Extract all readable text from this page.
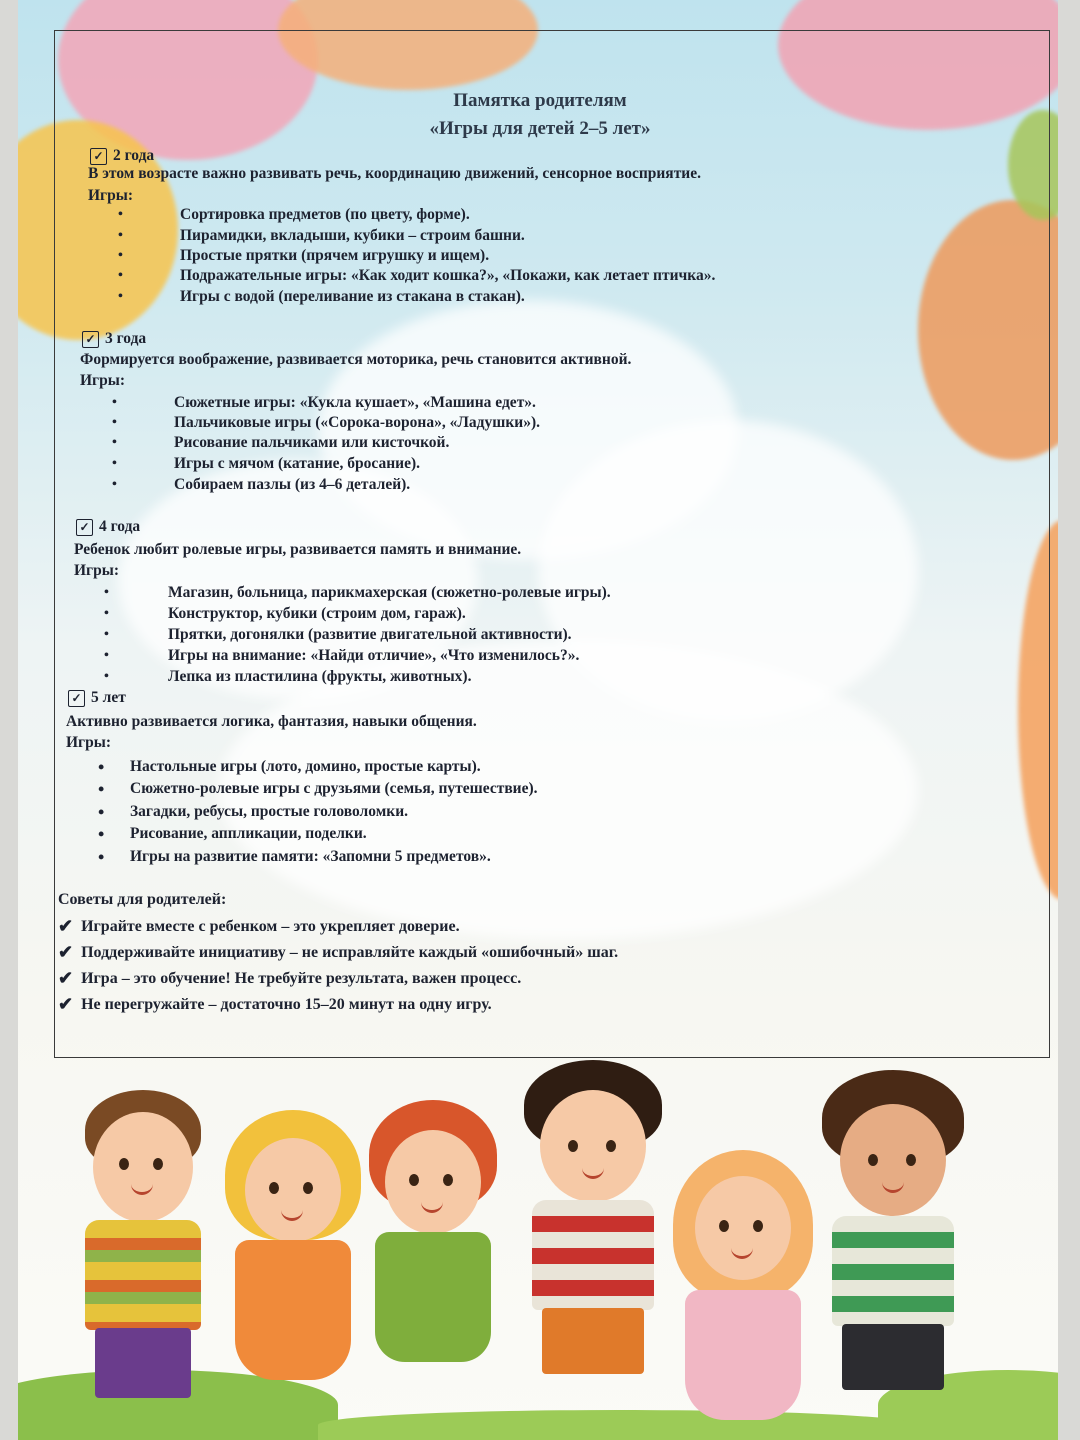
Памятка родителям
«Игры для детей 2–5 лет»
✓ 2 года
В этом возрасте важно развивать речь, координацию движений, сенсорное восприятие.
Игры:
•	Сортировка предметов (по цвету, форме).
•	Пирамидки, вкладыши, кубики – строим башни.
•	Простые прятки (прячем игрушку и ищем).
•	Подражательные игры: «Как ходит кошка?», «Покажи, как летает птичка».
•	Игры с водой (переливание из стакана в стакан).
✓ 3 года
Формируется воображение, развивается моторика, речь становится активной.
Игры:
•	Сюжетные игры: «Кукла кушает», «Машина едет».
•	Пальчиковые игры («Сорока-ворона», «Ладушки»).
•	Рисование пальчиками или кисточкой.
•	Игры с мячом (катание, бросание).
•	Собираем пазлы (из 4–6 деталей).
✓ 4 года
Ребенок любит ролевые игры, развивается память и внимание.
Игры:
•	Магазин, больница, парикмахерская (сюжетно-ролевые игры).
•	Конструктор, кубики (строим дом, гараж).
•	Прятки, догонялки (развитие двигательной активности).
•	Игры на внимание: «Найди отличие», «Что изменилось?».
•	Лепка из пластилина (фрукты, животных).
✓ 5 лет
Активно развивается логика, фантазия, навыки общения.
Игры:
• Настольные игры (лото, домино, простые карты).
• Сюжетно-ролевые игры с друзьями (семья, путешествие).
• Загадки, ребусы, простые головоломки.
• Рисование, аппликации, поделки.
• Игры на развитие памяти: «Запомни 5 предметов».
Советы для родителей:
✔ Играйте вместе с ребенком – это укрепляет доверие.
✔ Поддерживайте инициативу – не исправляйте каждый «ошибочный» шаг.
✔ Игра – это обучение! Не требуйте результата, важен процесс.
✔ Не перегружайте – достаточно 15–20 минут на одну игру.
